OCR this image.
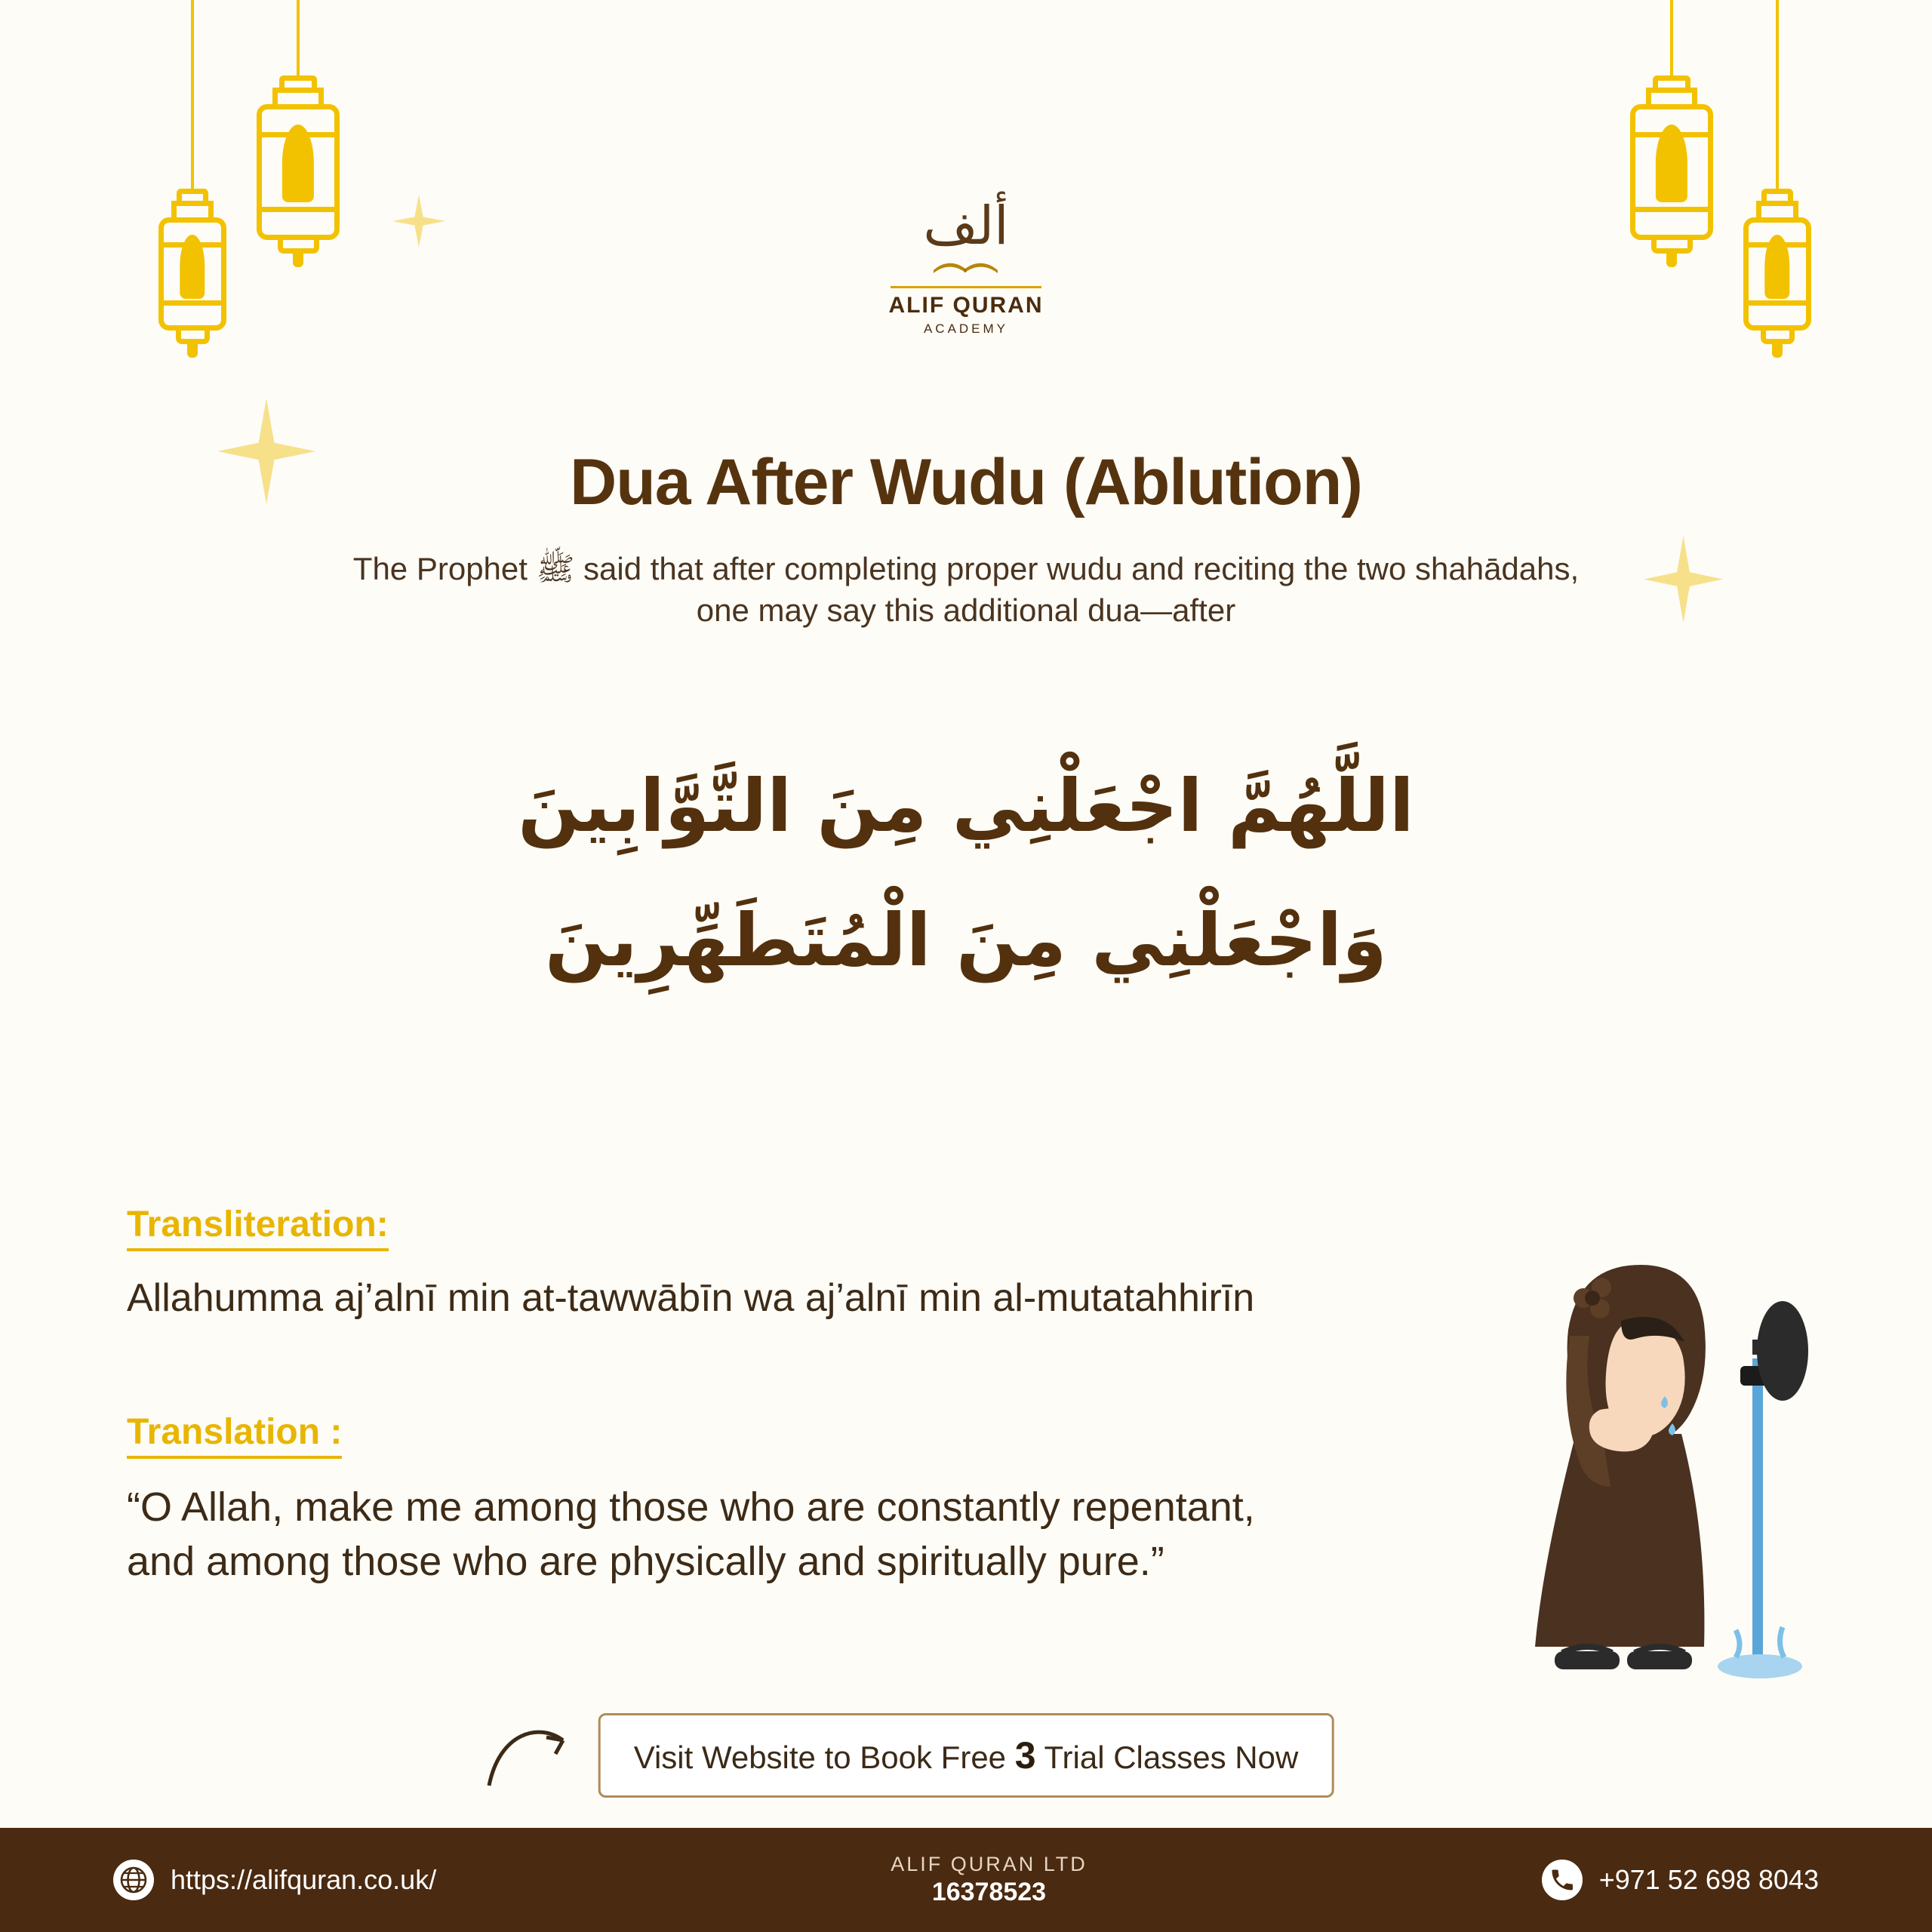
ألف
ALIF QURAN
ACADEMY
Dua After Wudu (Ablution)
The Prophet ﷺ said that after completing proper wudu and reciting the two shahādahs, one may say this additional dua—after
اللَّهُمَّ اجْعَلْنِي مِنَ التَّوَّابِينَ
وَاجْعَلْنِي مِنَ الْمُتَطَهِّرِينَ
Transliteration:
Allahumma aj’alnī min at-tawwābīn wa aj’alnī min al-mutatahhirīn
Translation :
“O Allah, make me among those who are constantly repentant, and among those who are physically and spiritually pure.”
Visit Website to Book Free 3 Trial Classes Now
https://alifquran.co.uk/	ALIF QURAN LTD
16378523	+971 52 698 8043
